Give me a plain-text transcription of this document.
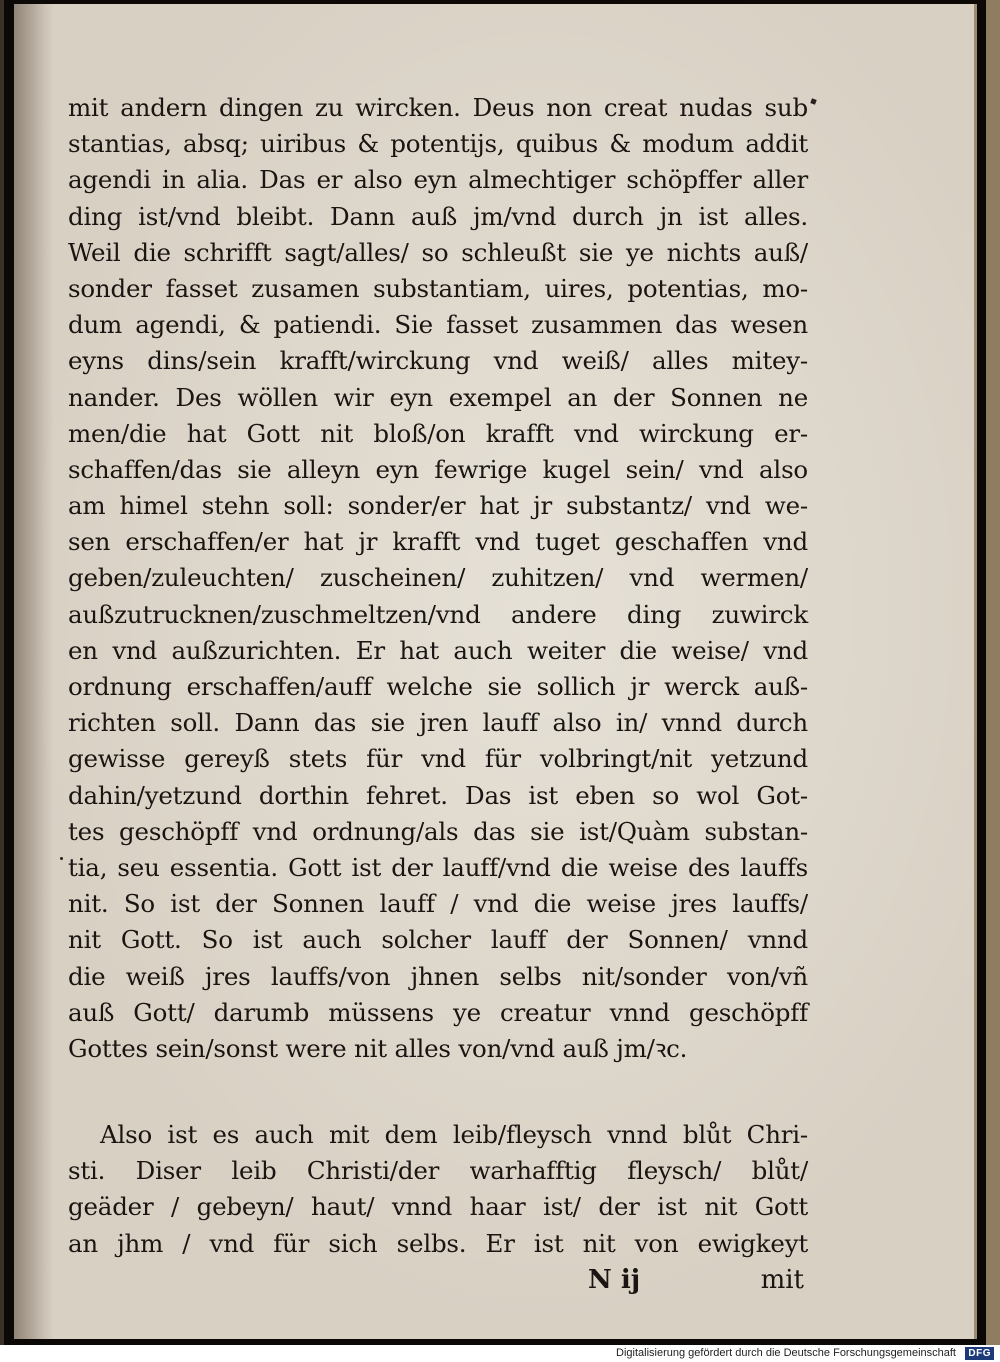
mit andern dingen zu wircken. Deus non creat nudas sub
stantias, absq; uiribus & potentijs, quibus & modum addit
agendi in alia. Das er also eyn almechtiger schöpffer aller
ding ist/vnd bleibt. Dann auß jm/vnd durch jn ist alles.
Weil die schrifft sagt/alles/ so schleußt sie ye nichts auß/
sonder fasset zusamen substantiam, uires, potentias, mo-
dum agendi, & patiendi. Sie fasset zusammen das wesen
eyns dins/sein krafft/wirckung vnd weiß/ alles mitey-
nander. Des wöllen wir eyn exempel an der Sonnen ne
men/die hat Gott nit bloß/on krafft vnd wirckung er-
schaffen/das sie alleyn eyn fewrige kugel sein/ vnd also
am himel stehn soll: sonder/er hat jr substantz/ vnd we-
sen erschaffen/er hat jr krafft vnd tuget geschaffen vnd
geben/zuleuchten/ zuscheinen/ zuhitzen/ vnd wermen/
außzutrucknen/zuschmeltzen/vnd andere ding zuwirck
en vnd außzurichten. Er hat auch weiter die weise/ vnd
ordnung erschaffen/auff welche sie sollich jr werck auß-
richten soll. Dann das sie jren lauff also in/ vnnd durch
gewisse gereyß stets für vnd für volbringt/nit yetzund
dahin/yetzund dorthin fehret. Das ist eben so wol Got-
tes geschöpff vnd ordnung/als das sie ist/Quàm substan-
tia, seu essentia. Gott ist der lauff/vnd die weise des lauffs
nit. So ist der Sonnen lauff / vnd die weise jres lauffs/
nit Gott. So ist auch solcher lauff der Sonnen/ vnnd
die weiß jres lauffs/von jhnen selbs nit/sonder von/vñ
auß Gott/ darumb müssens ye creatur vnnd geschöpff
Gottes sein/sonst were nit alles von/vnd auß jm/ꝛc.
Also ist es auch mit dem leib/fleysch vnnd blůt Chri-
sti. Diser leib Christi/der warhafftig fleysch/ blůt/
geäder / gebeyn/ haut/ vnnd haar ist/ der ist nit Gott
an jhm / vnd für sich selbs. Er ist nit von ewigkeyt
N ij	mit
Digitalisierung gefördert durch die Deutsche Forschungsgemeinschaft	DFG
